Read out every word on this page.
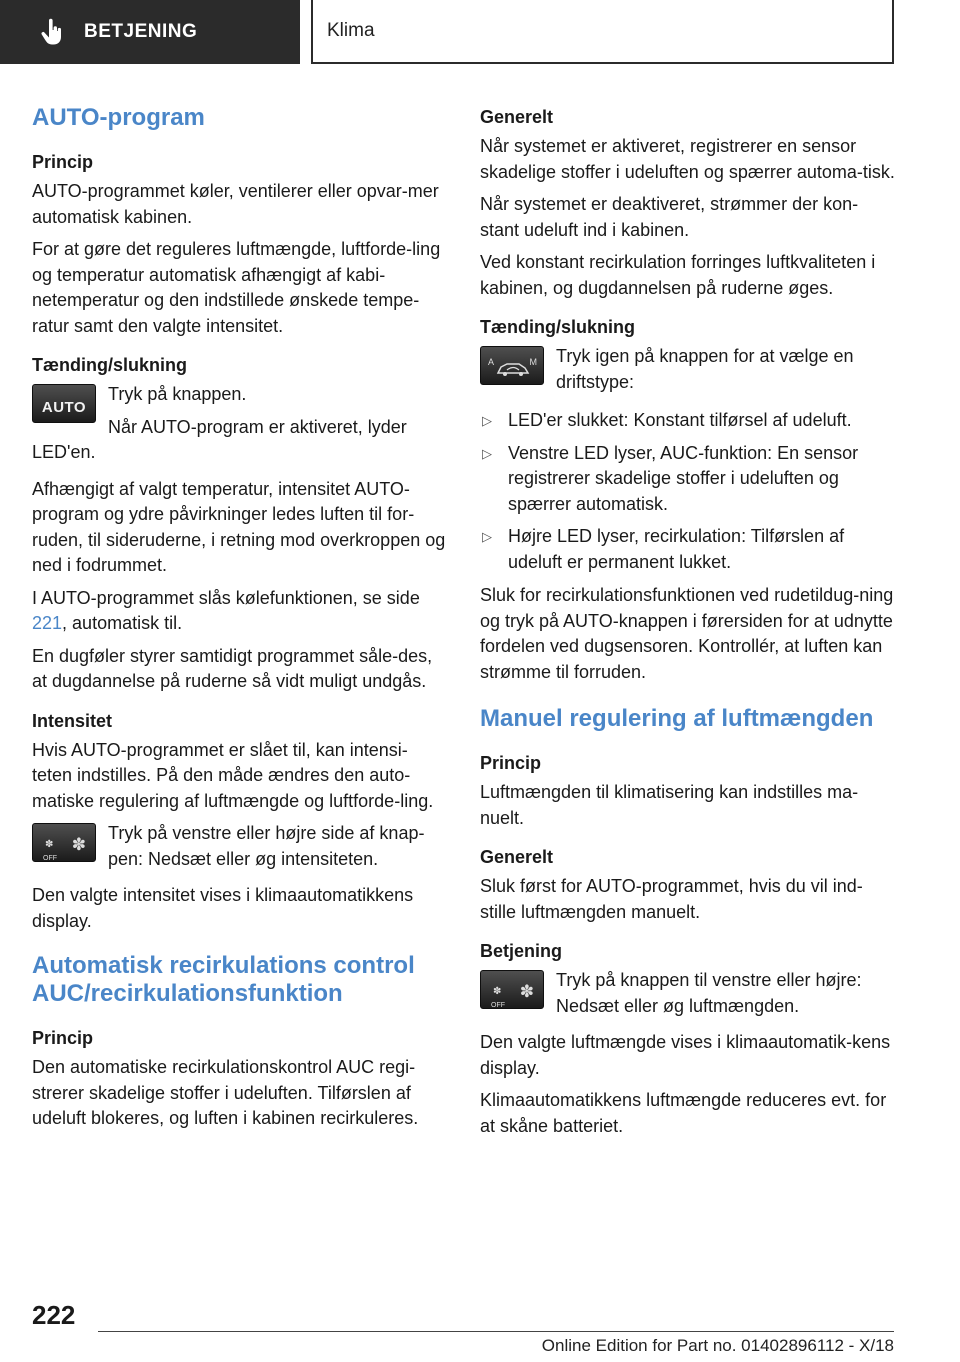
BETJENING	Klima
AUTO-program
Princip

AUTO-programmet køler, ventilerer eller opvar-mer automatisk kabinen.

For at gøre det reguleres luftmængde, luftforde-ling og temperatur automatisk afhængigt af kabi-netemperatur og den indstillede ønskede tempe-ratur samt den valgte intensitet.

Tænding/slukning
AUTO

Tryk på knappen.

Når AUTO-program er aktiveret, lyder LED'en.

Afhængigt af valgt temperatur, intensitet AUTO-program og ydre påvirkninger ledes luften til for-ruden, til sideruderne, i retning mod overkroppen og ned i fodrummet.

I AUTO-programmet slås kølefunktionen, se side 221, automatisk til.

En dugføler styrer samtidigt programmet såle-des, at dugdannelse på ruderne så vidt muligt undgås.

Intensitet

Hvis AUTO-programmet er slået til, kan intensi-teten indstilles. På den måde ændres den auto-matiske regulering af luftmængde og luftforde-ling.

✽
OFF
✽

Tryk på venstre eller højre side af knap-pen: Nedsæt eller øg intensiteten.

Den valgte intensitet vises i klimaautomatikkens display.

Automatisk recirkulations control AUC/recirkulationsfunktion
Princip

Den automatiske recirkulationskontrol AUC regi-strerer skadelige stoffer i udeluften. Tilførslen af udeluft blokeres, og luften i kabinen recirkuleres.

Generelt

Når systemet er aktiveret, registrerer en sensor skadelige stoffer i udeluften og spærrer automa-tisk.

Når systemet er deaktiveret, strømmer der kon-stant udeluft ind i kabinen.

Ved konstant recirkulation forringes luftkvaliteten i kabinen, og dugdannelsen på ruderne øges.

Tænding/slukning
A	M	Tryk igen på knappen for at vælge en driftstype:

▷ LED'er slukket: Konstant tilførsel af udeluft.
▷ Venstre LED lyser, AUC-funktion: En sensor registrerer skadelige stoffer i udeluften og spærrer automatisk.
▷ Højre LED lyser, recirkulation: Tilførslen af udeluft er permanent lukket.

Sluk for recirkulationsfunktionen ved rudetildug-ning og tryk på AUTO-knappen i førersiden for at udnytte fordelen ved dugsensoren. Kontrollér, at luften kan strømme til forruden.

Manuel regulering af luftmængden
Princip

Luftmængden til klimatisering kan indstilles ma-nuelt.

Generelt

Sluk først for AUTO-programmet, hvis du vil ind-stille luftmængden manuelt.

Betjening
✽
OFF
✽

Tryk på knappen til venstre eller højre: Nedsæt eller øg luftmængden.

Den valgte luftmængde vises i klimaautomatik-kens display.

Klimaautomatikkens luftmængde reduceres evt. for at skåne batteriet.

222
Online Edition for Part no. 01402896112 - X/18
